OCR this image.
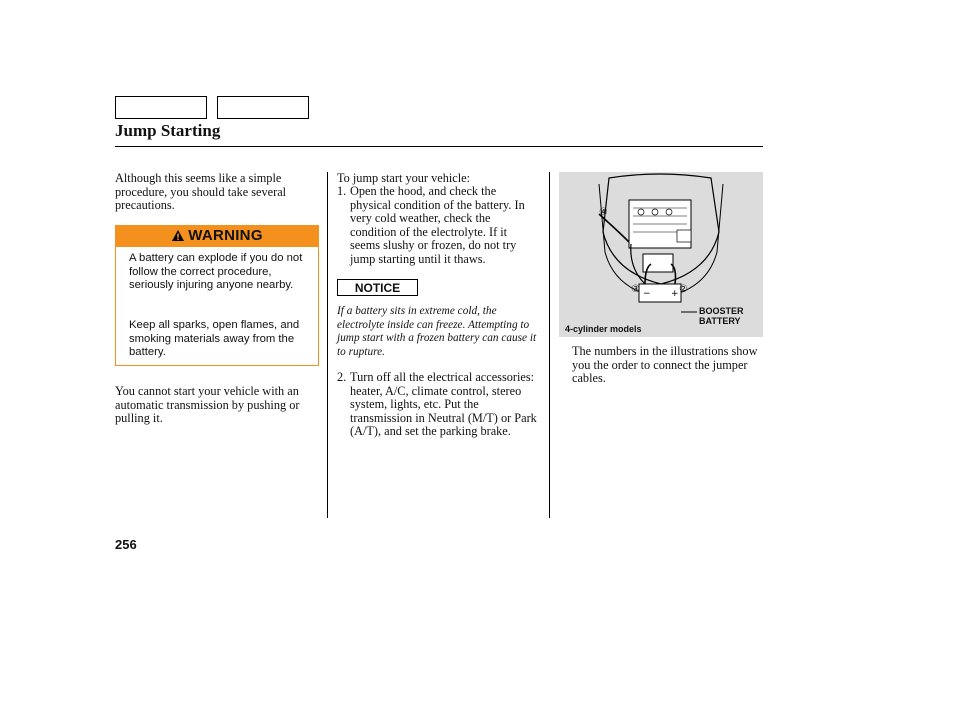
Jump Starting
Although this seems like a simple procedure, you should take several precautions.
WARNING
A battery can explode if you do not follow the correct procedure, seriously injuring anyone nearby.
Keep all sparks, open flames, and smoking materials away from the battery.
You cannot start your vehicle with an automatic transmission by pushing or pulling it.
To jump start your vehicle:
1. Open the hood, and check the physical condition of the battery. In very cold weather, check the condition of the electrolyte. If it seems slushy or frozen, do not try jump starting until it thaws.
NOTICE
If a battery sits in extreme cold, the electrolyte inside can freeze. Attempting to jump start with a frozen battery can cause it to rupture.
2. Turn off all the electrical accessories: heater, A/C, climate control, stereo system, lights, etc. Put the transmission in Neutral (M/T) or Park (A/T), and set the parking brake.
− +
④
③	②
BOOSTER
BATTERY
4-cylinder models
The numbers in the illustrations show you the order to connect the jumper cables.
256
